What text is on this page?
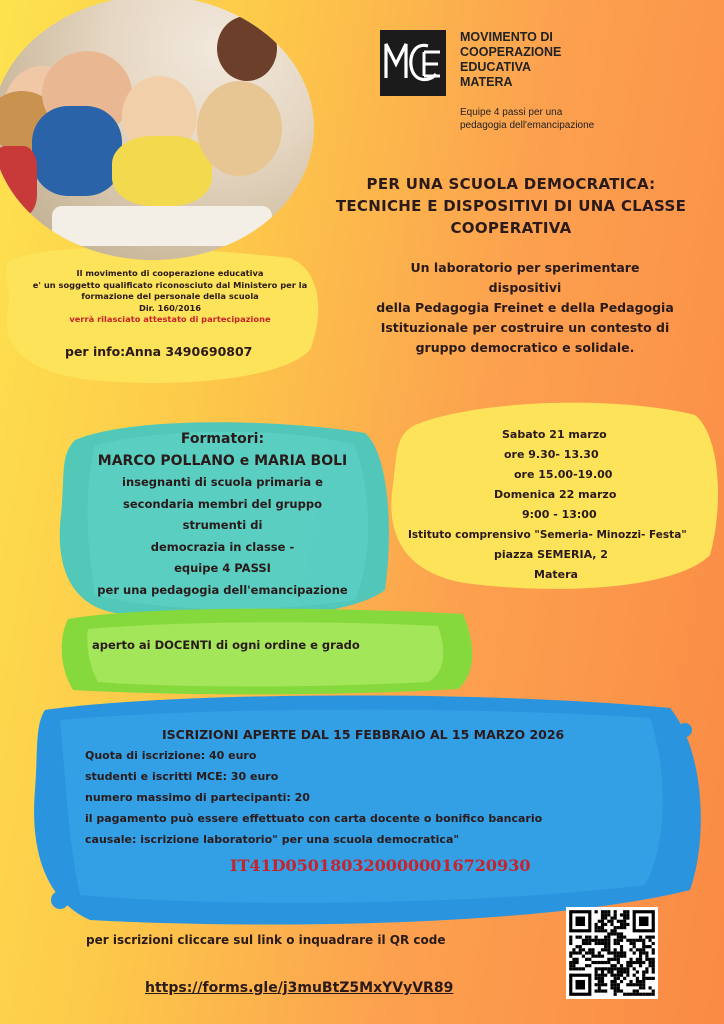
MOVIMENTO DI
COOPERAZIONE
EDUCATIVA
MATERA
Equipe 4 passi per una
pedagogia dell'emancipazione
PER UNA SCUOLA DEMOCRATICA:
TECNICHE E DISPOSITIVI DI UNA CLASSE
COOPERATIVA
Un laboratorio per sperimentare
dispositivi
della Pedagogia Freinet e della Pedagogia
Istituzionale per costruire un contesto di
gruppo democratico e solidale.
Il movimento di cooperazione educativa
e' un soggetto qualificato riconosciuto dal Ministero per la
formazione del personale della scuola
Dir. 160/2016
verrà rilasciato attestato di partecipazione
per info:Anna 3490690807
Formatori:
MARCO POLLANO e MARIA BOLI
insegnanti di scuola primaria e
secondaria membri del gruppo
strumenti di
democrazia in classe -
equipe 4 PASSI
per una pedagogia dell'emancipazione
Sabato 21 marzo
ore 9.30- 13.30
ore 15.00-19.00
Domenica 22 marzo
9:00 - 13:00
Istituto comprensivo "Semeria- Minozzi- Festa"
piazza SEMERIA, 2
Matera
aperto ai DOCENTI di ogni ordine e grado
ISCRIZIONI APERTE DAL 15 FEBBRAIO AL 15 MARZO 2026
Quota di iscrizione: 40 euro
studenti e iscritti MCE: 30 euro
numero massimo di partecipanti: 20
il pagamento può essere effettuato con carta docente o bonifico bancario
causale: iscrizione laboratorio" per una scuola democratica"
IT41D0501803200000016720930
per iscrizioni cliccare sul link o inquadrare il QR code
https://forms.gle/j3muBtZ5MxYVyVR89
